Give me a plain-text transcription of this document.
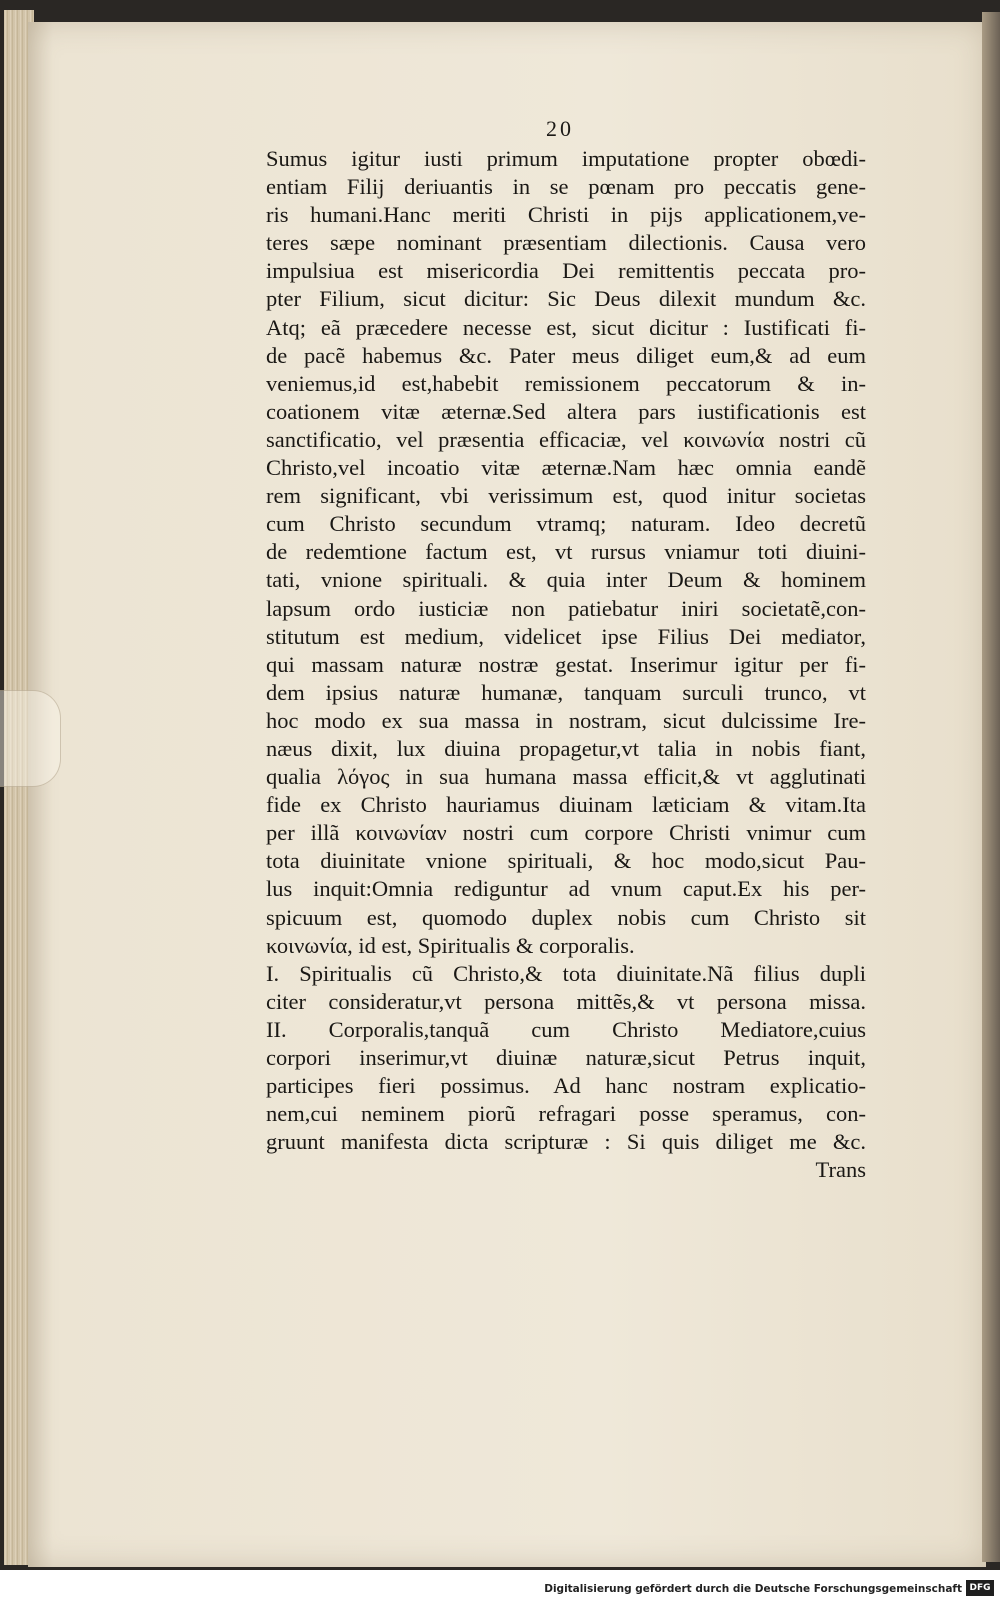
20
Sumus igitur iusti primum imputatione propter obœdi-
entiam Filij deriuantis in se pœnam pro peccatis gene-
ris humani.Hanc meriti Christi in pijs applicationem,ve-
teres sæpe nominant præsentiam dilectionis. Causa vero
impulsiua est misericordia Dei remittentis peccata pro-
pter Filium, sicut dicitur: Sic Deus dilexit mundum &c.
Atq; eã præcedere necesse est, sicut dicitur : Iustificati fi-
de pacẽ habemus &c. Pater meus diliget eum,& ad eum
veniemus,id est,habebit remissionem peccatorum & in-
coationem vitæ æternæ.Sed altera pars iustificationis est
sanctificatio, vel præsentia efficaciæ, vel κοινωνία nostri cũ
Christo,vel incoatio vitæ æternæ.Nam hæc omnia eandẽ
rem significant, vbi verissimum est, quod initur societas
cum Christo secundum vtramq; naturam. Ideo decretũ
de redemtione factum est, vt rursus vniamur toti diuini-
tati, vnione spirituali. & quia inter Deum & hominem
lapsum ordo iusticiæ non patiebatur iniri societatẽ,con-
stitutum est medium, videlicet ipse Filius Dei mediator,
qui massam naturæ nostræ gestat. Inserimur igitur per fi-
dem ipsius naturæ humanæ, tanquam surculi trunco, vt
hoc modo ex sua massa in nostram, sicut dulcissime Ire-
næus dixit, lux diuina propagetur,vt talia in nobis fiant,
qualia λόγος in sua humana massa efficit,& vt agglutinati
fide ex Christo hauriamus diuinam læticiam & vitam.Ita
per illã κοινωνίαν nostri cum corpore Christi vnimur cum
tota diuinitate vnione spirituali, & hoc modo,sicut Pau-
lus inquit:Omnia rediguntur ad vnum caput.Ex his per-
spicuum est, quomodo duplex nobis cum Christo sit
κοινωνία, id est, Spiritualis & corporalis.
I. Spiritualis cũ Christo,& tota diuinitate.Nã filius dupli
citer consideratur,vt persona mittẽs,& vt persona missa.
II. Corporalis,tanquã cum Christo Mediatore,cuius
corpori inserimur,vt diuinæ naturæ,sicut Petrus inquit,
participes fieri possimus. Ad hanc nostram explicatio-
nem,cui neminem piorũ refragari posse speramus, con-
gruunt manifesta dicta scripturæ : Si quis diliget me &c.
Trans
Digitalisierung gefördert durch die Deutsche Forschungsgemeinschaft DFG
